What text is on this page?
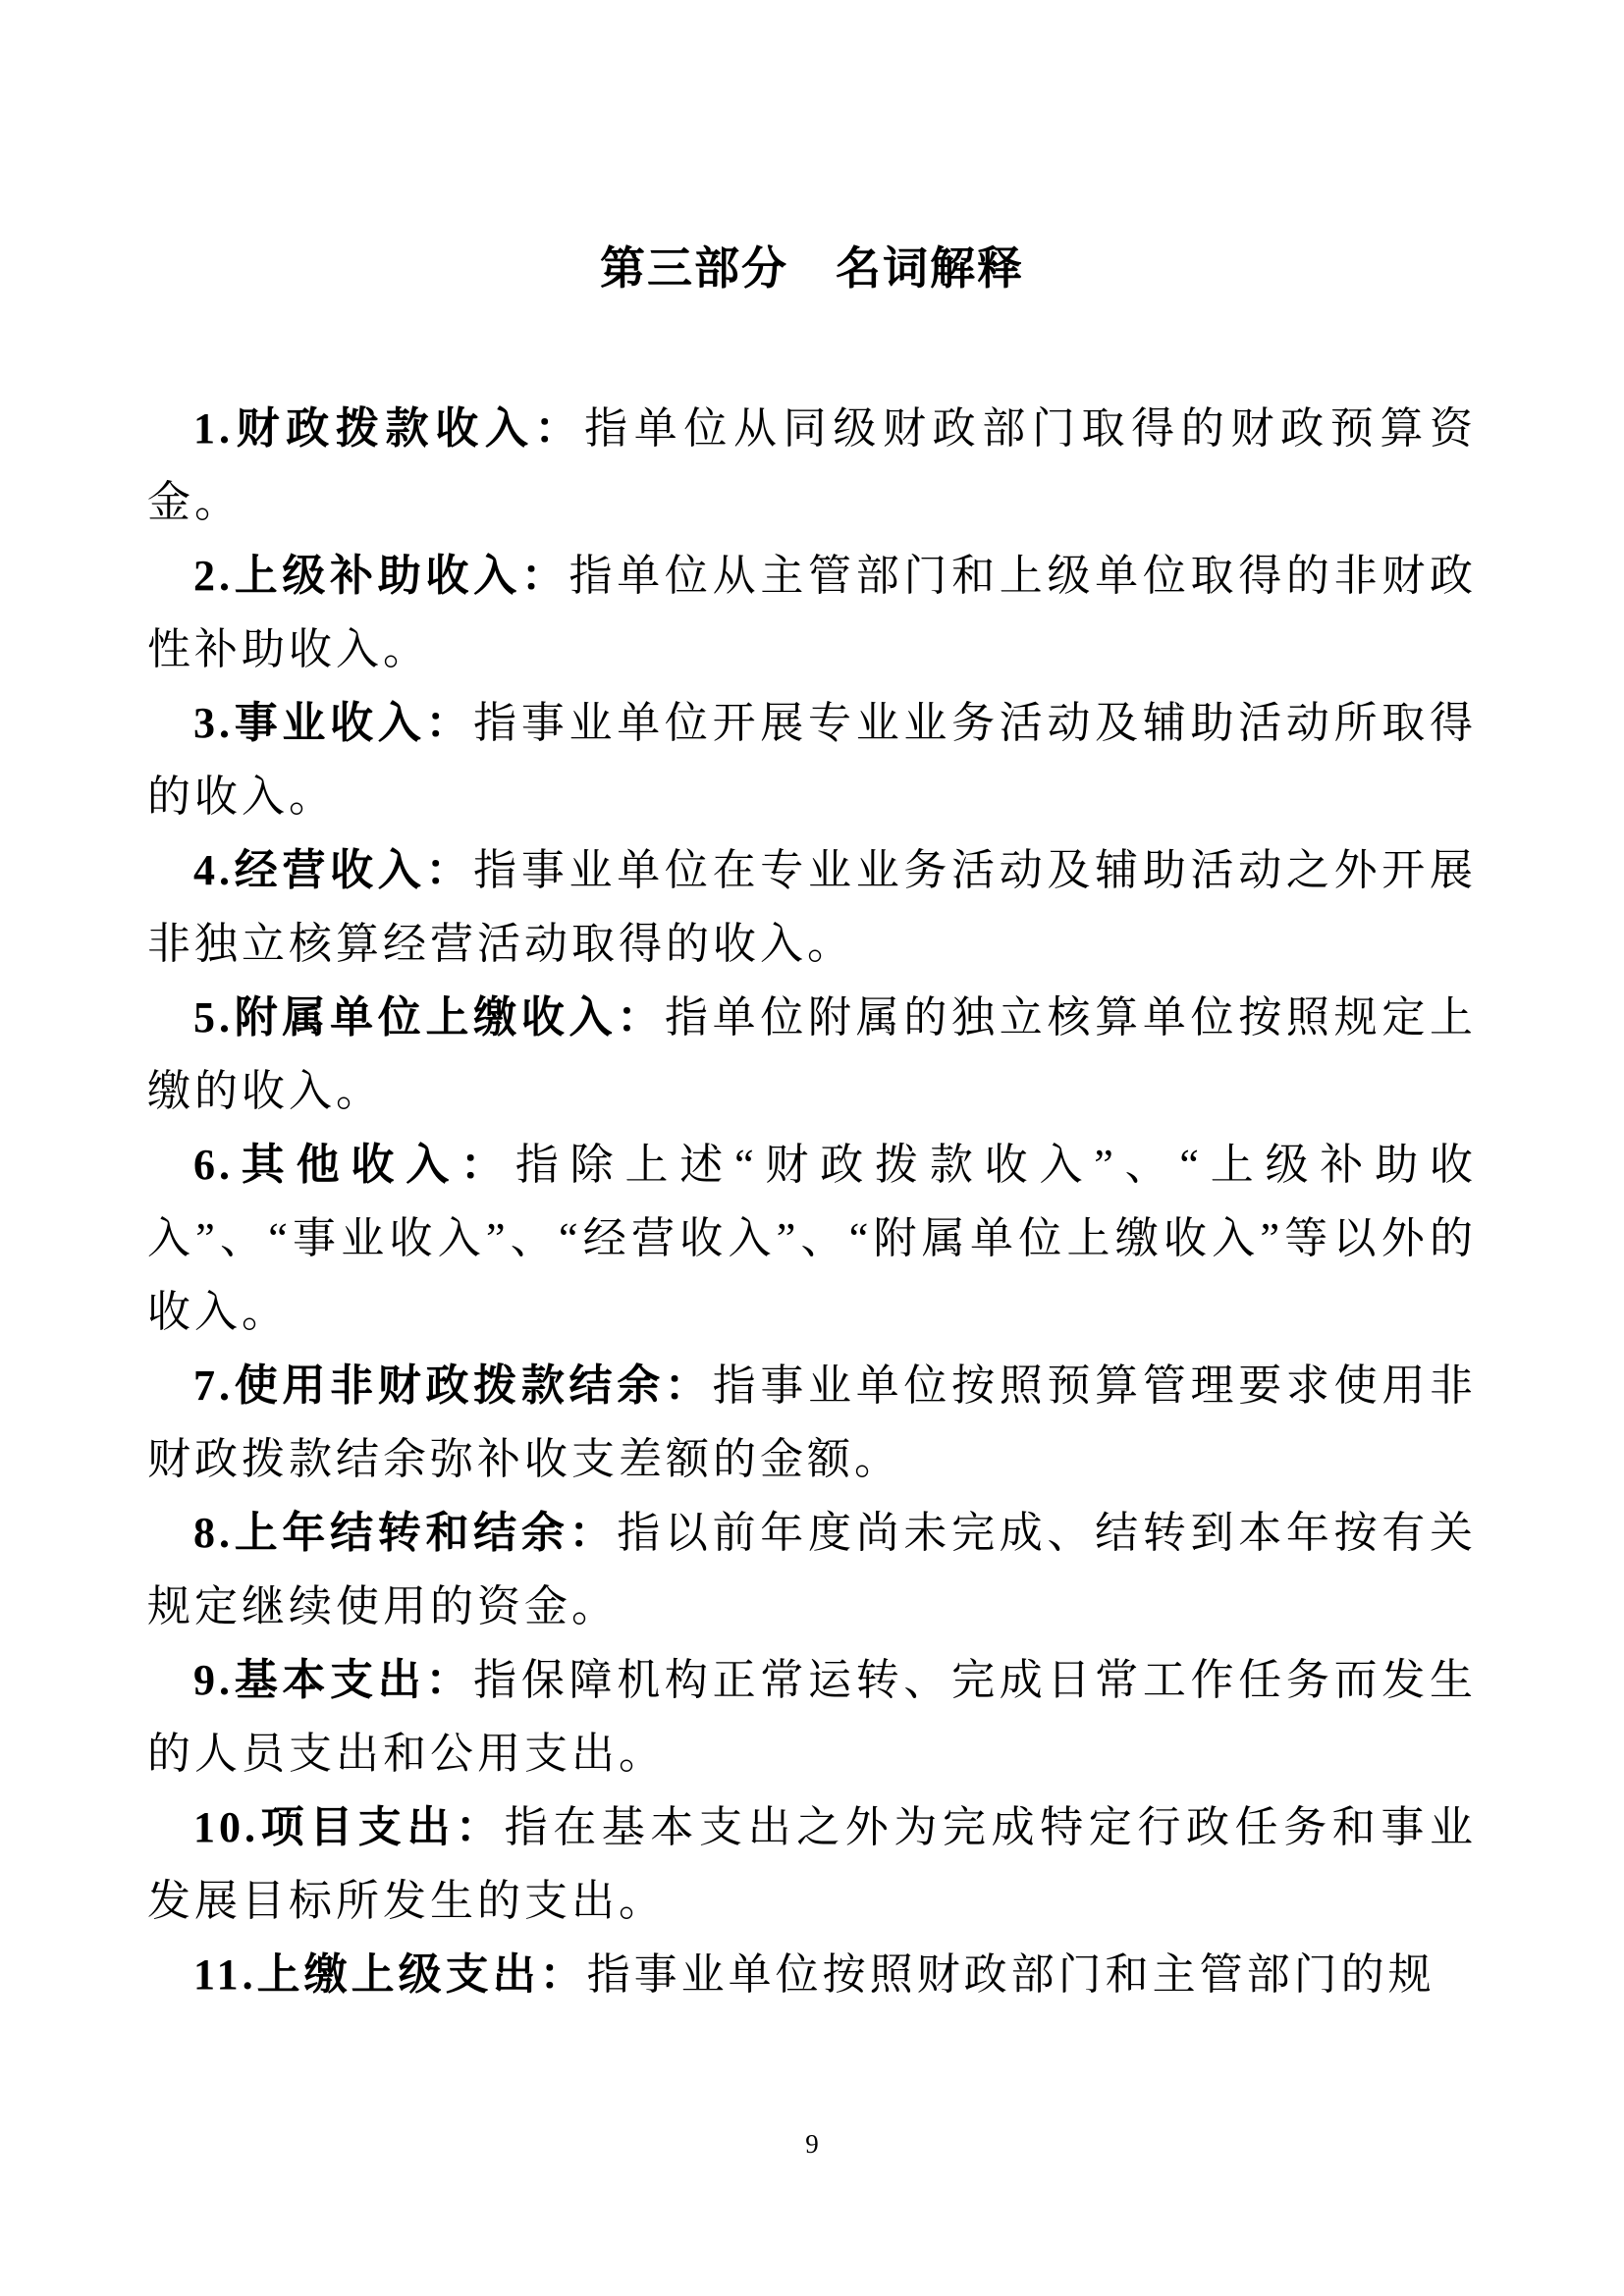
第三部分　名词解释

1.财政拨款收入：指单位从同级财政部门取得的财政预算资金。

2.上级补助收入：指单位从主管部门和上级单位取得的非财政性补助收入。

3.事业收入：指事业单位开展专业业务活动及辅助活动所取得的收入。

4.经营收入：指事业单位在专业业务活动及辅助活动之外开展非独立核算经营活动取得的收入。

5.附属单位上缴收入：指单位附属的独立核算单位按照规定上缴的收入。

6.其他收入：指除上述“财政拨款收入”、“上级补助收入”、“事业收入”、“经营收入”、“附属单位上缴收入”等以外的收入。

7.使用非财政拨款结余：指事业单位按照预算管理要求使用非财政拨款结余弥补收支差额的金额。

8.上年结转和结余：指以前年度尚未完成、结转到本年按有关规定继续使用的资金。

9.基本支出：指保障机构正常运转、完成日常工作任务而发生的人员支出和公用支出。

10.项目支出：指在基本支出之外为完成特定行政任务和事业发展目标所发生的支出。

11.上缴上级支出：指事业单位按照财政部门和主管部门的规

9
